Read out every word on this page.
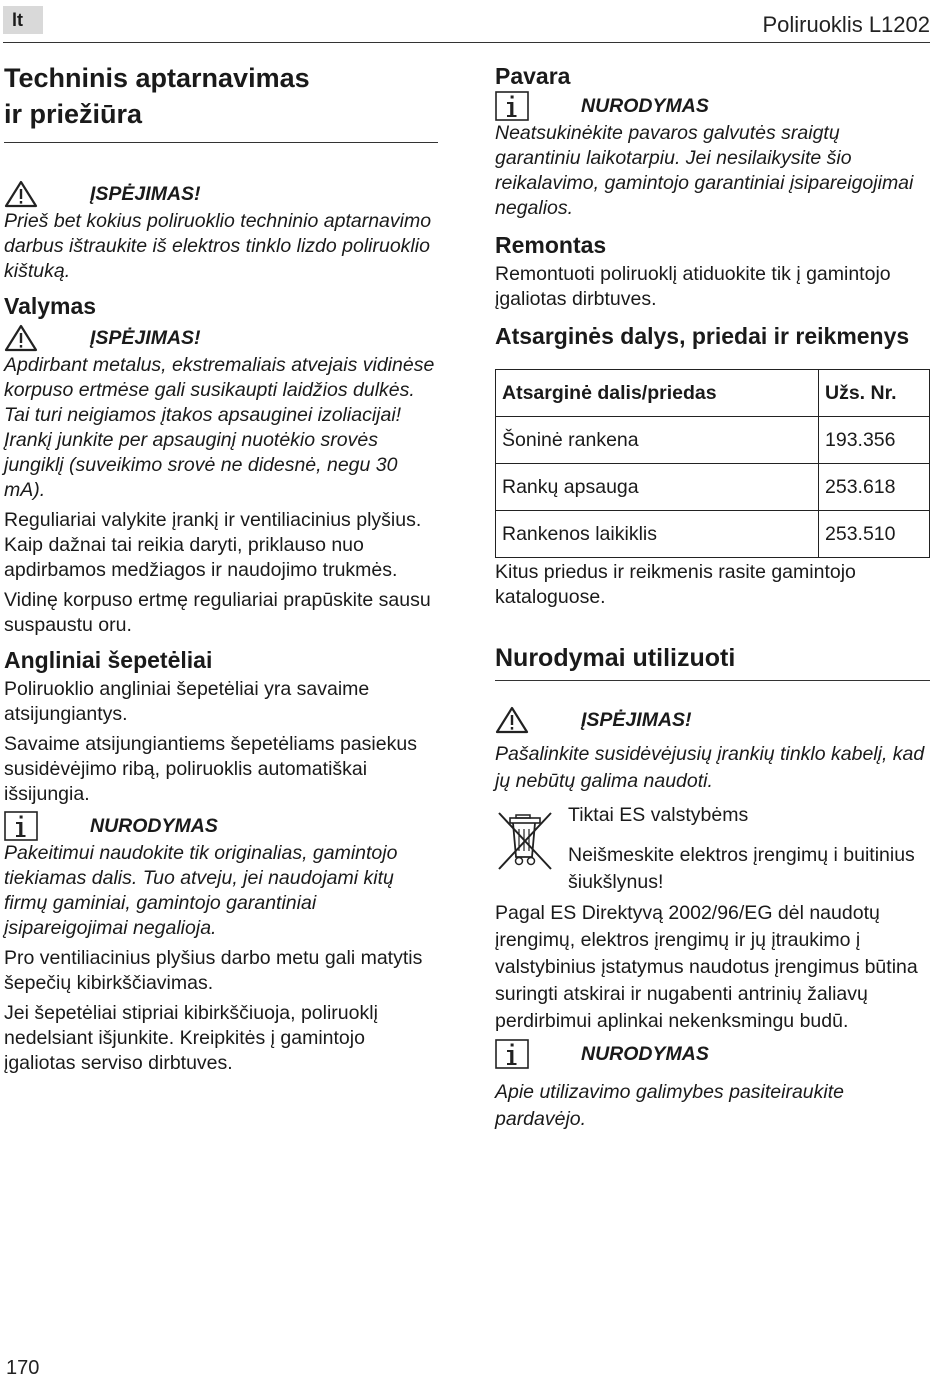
lt	Poliruoklis L1202
Techninis aptarnavimas
ir priežiūra
ĮSPĖJIMAS!

Prieš bet kokius poliruoklio techninio aptarnavimo darbus ištraukite iš elektros tinklo lizdo poliruoklio kištuką.

Valymas
ĮSPĖJIMAS!

Apdirbant metalus, ekstremaliais atvejais vidinėse korpuso ertmėse gali susikaupti laidžios dulkės. Tai turi neigiamos įtakos apsauginei izoliacijai! Įrankį junkite per apsauginį nuotėkio srovės jungiklį (suveikimo srovė ne didesnė, negu 30 mA).

Reguliariai valykite įrankį ir ventiliacinius plyšius. Kaip dažnai tai reikia daryti, priklauso nuo apdirbamos medžiagos ir naudojimo trukmės.

Vidinę korpuso ertmę reguliariai prapūskite sausu suspaustu oru.

Angliniai šepetėliai

Poliruoklio angliniai šepetėliai yra savaime atsijungiantys.

Savaime atsijungiantiems šepetėliams pasiekus susidėvėjimo ribą, poliruoklis automatiškai išsijungia.

NURODYMAS

Pakeitimui naudokite tik originalias, gamintojo tiekiamas dalis. Tuo atveju, jei naudojami kitų firmų gaminiai, gamintojo garantiniai įsipareigojimai negalioja.

Pro ventiliacinius plyšius darbo metu gali matytis šepečių kibirkščiavimas.

Jei šepetėliai stipriai kibirkščiuoja, poliruoklį nedelsiant išjunkite. Kreipkitės į gamintojo įgaliotas serviso dirbtuves.

Pavara
NURODYMAS

Neatsukinėkite pavaros galvutės sraigtų garantiniu laikotarpiu. Jei nesilaikysite šio reikalavimo, gamintojo garantiniai įsipareigojimai negalios.

Remontas

Remontuoti poliruoklį atiduokite tik į gamintojo įgaliotas dirbtuves.

Atsarginės dalys, priedai ir reikmenys
Atsarginė dalis/priedas	Užs. Nr.
Šoninė rankena	193.356
Rankų apsauga	253.618
Rankenos laikiklis	253.510

Kitus priedus ir reikmenis rasite gamintojo kataloguose.

Nurodymai utilizuoti
ĮSPĖJIMAS!

Pašalinkite susidėvėjusių įrankių tinklo kabelį, kad jų nebūtų galima naudoti.

Tiktai ES valstybėms

Neišmeskite elektros įrengimų i buitinius šiukšlynus!

Pagal ES Direktyvą 2002/96/EG dėl naudotų įrengimų, elektros įrengimų ir jų įtraukimo į valstybinius įstatymus naudotus įrengimus būtina suringti atskirai ir nugabenti antrinių žaliavų perdirbimui aplinkai nekenksmingu budū.

NURODYMAS

Apie utilizavimo galimybes pasiteiraukite pardavėjo.

170
